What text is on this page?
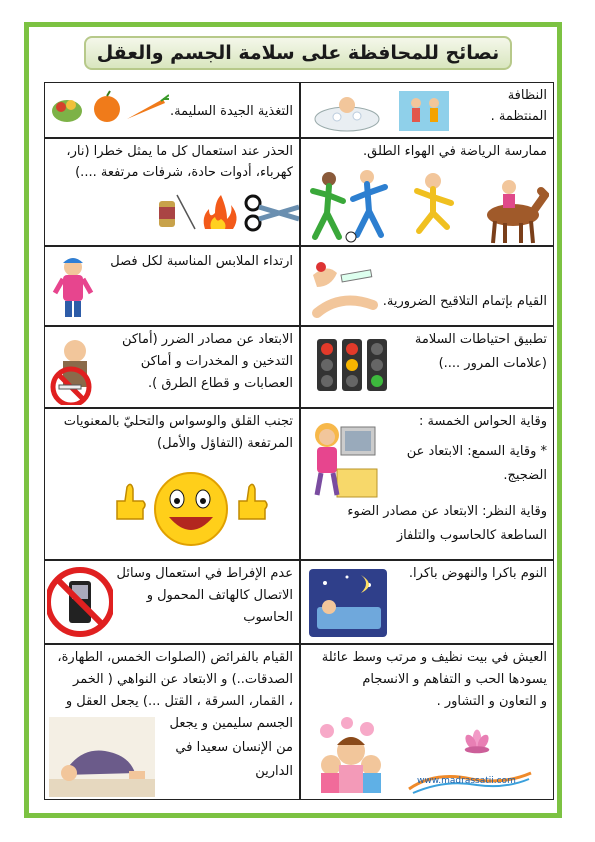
نصائح للمحافظة على سلامة الجسم والعقل
النظافة المنتظمة .
التغذية الجيدة السليمة.
ممارسة الرياضة في الهواء الطلق.
الحذر عند استعمال كل ما يمثل خطرا (نار،
كهرباء، أدوات حادة، شرفات مرتفعة ....)
القيام بإتمام التلاقيح الضرورية.
ارتداء الملابس المناسبة لكل فصل
تطبيق احتياطات السلامة
(علامات المرور ....)
الابتعاد عن مصادر الضرر (أماكن
التدخين و المخدرات و أماكن
العصابات و قطاع الطرق ).
وقاية الحواس الخمسة :
* وقاية السمع: الابتعاد عن
الضجيج.
وقاية النظر: الابتعاد عن مصادر الضوء
الساطعة كالحاسوب والتلفاز
تجنب القلق والوسواس والتحليّ بالمعنويات
المرتفعة (التفاؤل والأمل)
النوم باكرا والنهوض باكرا.
عدم الإفراط في استعمال وسائل
الاتصال كالهاتف المحمول و
الحاسوب
العيش في بيت نظيف و مرتب وسط عائلة
يسودها الحب و التفاهم و الانسجام
و التعاون و التشاور .
www.madrassatii.com
القيام بالفرائض (الصلوات الخمس، الطهارة،
الصدقات..) و الابتعاد عن النواهي ( الخمر
، القمار، السرقة ، القتل ...) يجعل العقل و
الجسم سليمين و يجعل
من الإنسان سعيدا في
الدارين
